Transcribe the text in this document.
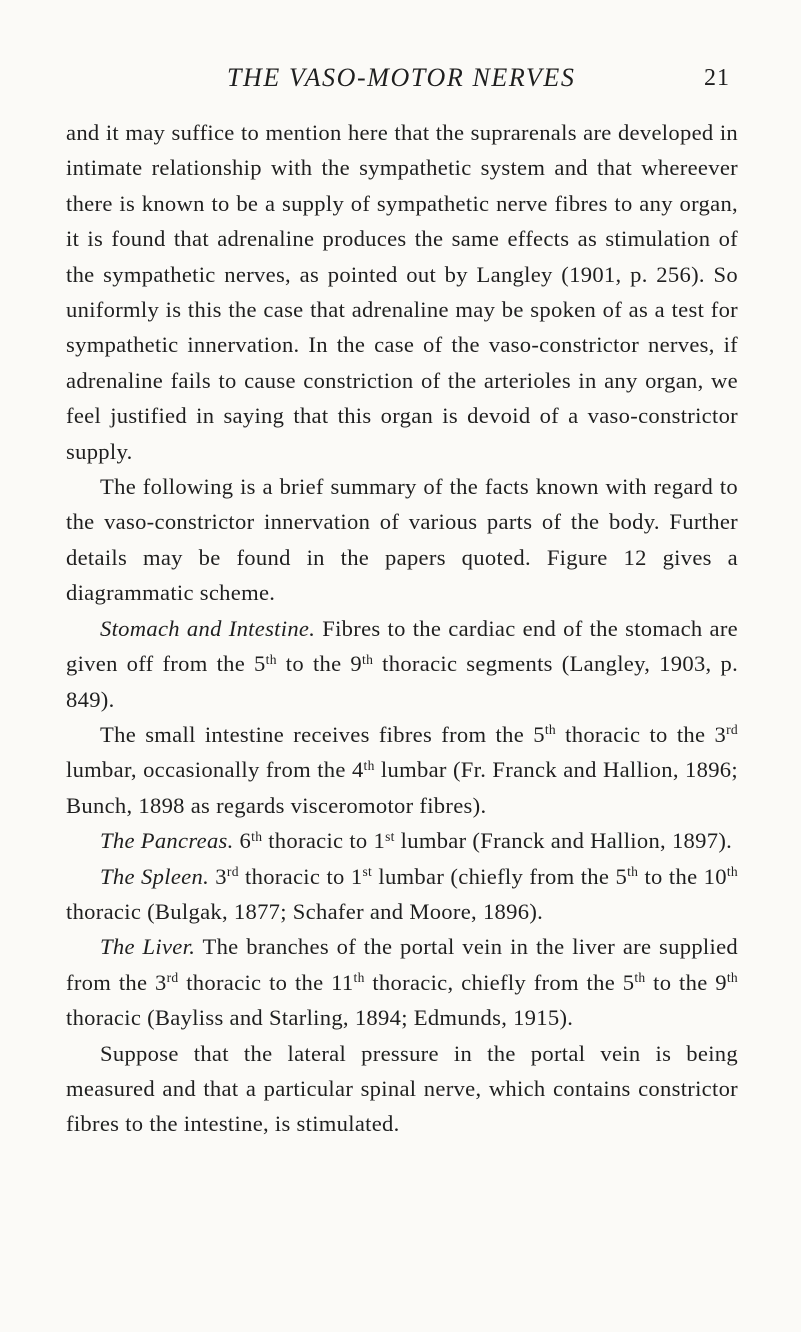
THE VASO-MOTOR NERVES	21

and it may suffice to mention here that the suprarenals are developed in intimate relationship with the sympathetic system and that whereever there is known to be a supply of sympathetic nerve fibres to any organ, it is found that adrenaline produces the same effects as stimulation of the sympathetic nerves, as pointed out by Langley (1901, p. 256). So uniformly is this the case that adrenaline may be spoken of as a test for sympathetic innervation. In the case of the vaso-constrictor nerves, if adrenaline fails to cause constriction of the arterioles in any organ, we feel justified in saying that this organ is devoid of a vaso-constrictor supply.

The following is a brief summary of the facts known with regard to the vaso-constrictor innervation of various parts of the body. Further details may be found in the papers quoted. Figure 12 gives a diagrammatic scheme.

Stomach and Intestine. Fibres to the cardiac end of the stomach are given off from the 5th to the 9th thoracic segments (Langley, 1903, p. 849).

The small intestine receives fibres from the 5th thoracic to the 3rd lumbar, occasionally from the 4th lumbar (Fr. Franck and Hallion, 1896; Bunch, 1898 as regards visceromotor fibres).

The Pancreas. 6th thoracic to 1st lumbar (Franck and Hallion, 1897).

The Spleen. 3rd thoracic to 1st lumbar (chiefly from the 5th to the 10th thoracic (Bulgak, 1877; Schafer and Moore, 1896).

The Liver. The branches of the portal vein in the liver are supplied from the 3rd thoracic to the 11th thoracic, chiefly from the 5th to the 9th thoracic (Bayliss and Starling, 1894; Edmunds, 1915).

Suppose that the lateral pressure in the portal vein is being measured and that a particular spinal nerve, which contains constrictor fibres to the intestine, is stimulated.
